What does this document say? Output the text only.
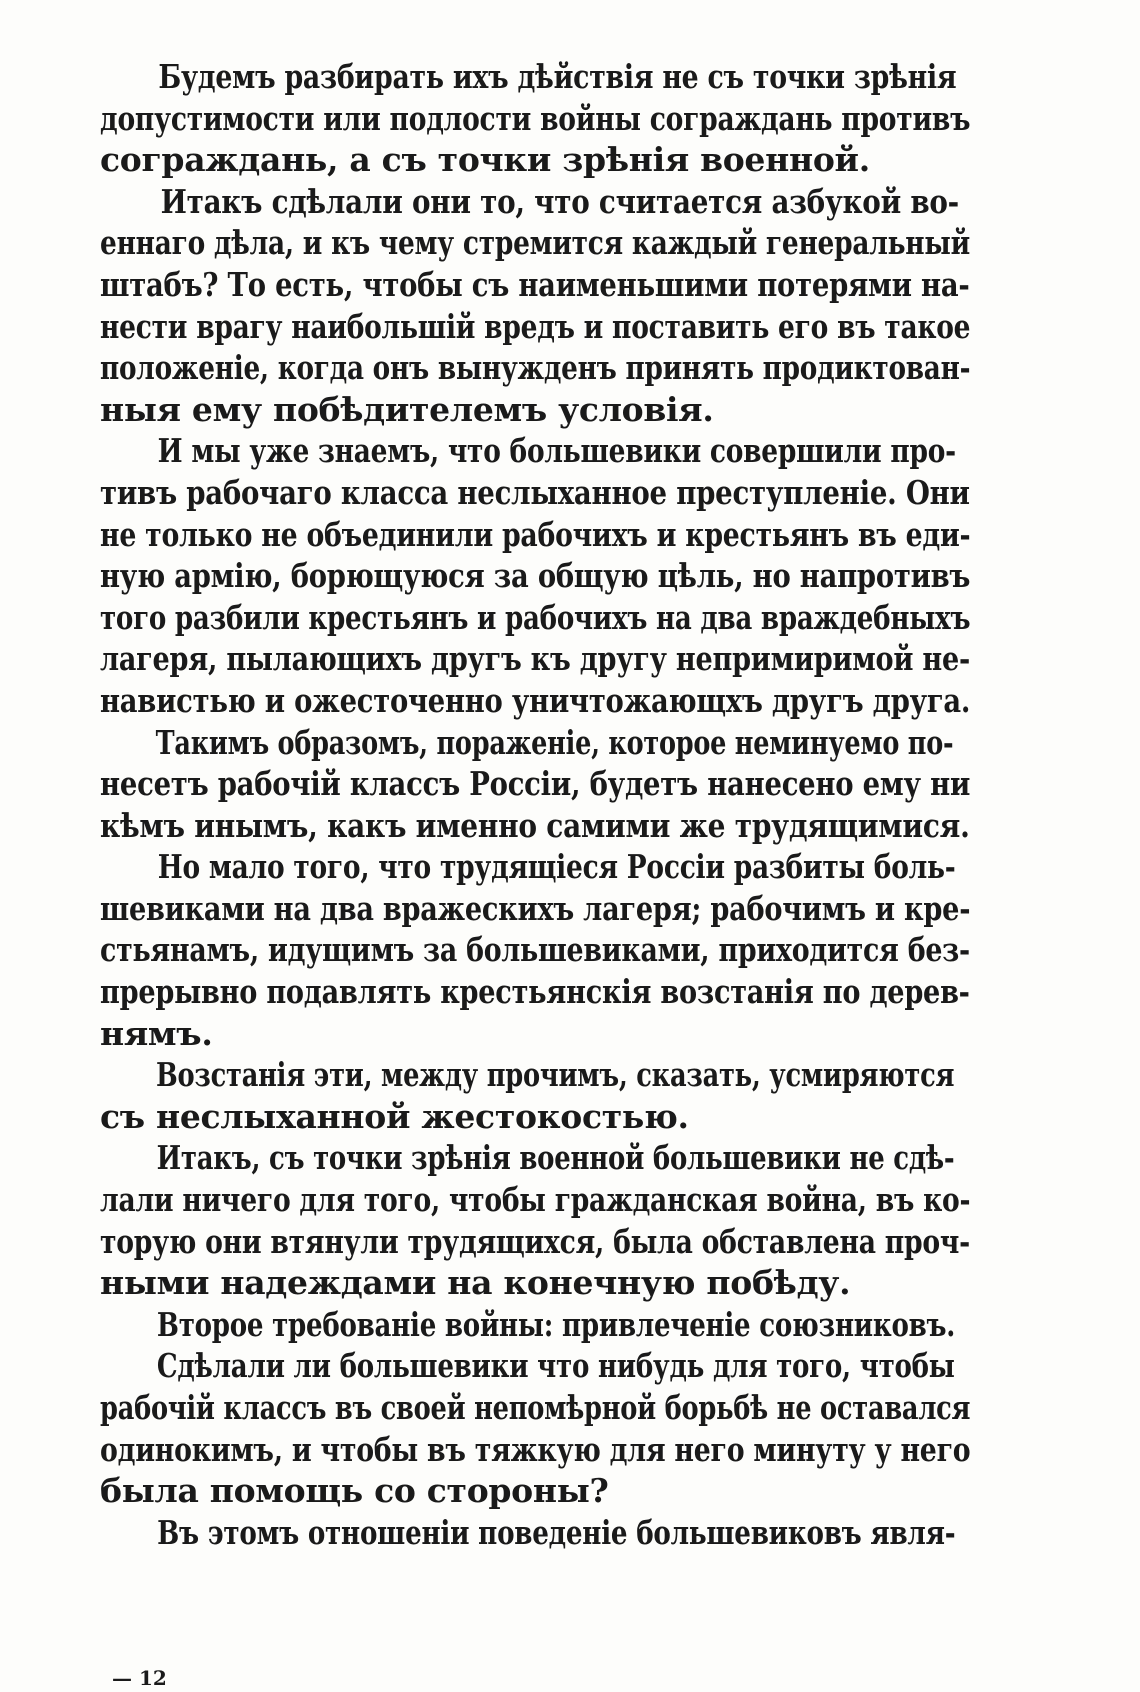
Будемъ разбирать ихъ дѣйствія не съ точки зрѣнія
допустимости или подлости войны сограждань противъ
сограждань, а съ точки зрѣнія военной.
Итакъ сдѣлали они то, что считается азбукой во-
еннаго дѣла, и къ чему стремится каждый генеральный
штабъ? То есть, чтобы съ наименьшими потерями на-
нести врагу наибольшій вредъ и поставить его въ такое
положеніе, когда онъ вынужденъ принять продиктован-
ныя ему побѣдителемъ условія.
И мы уже знаемъ, что большевики совершили про-
тивъ рабочаго класса неслыханное преступленіе. Они
не только не объединили рабочихъ и крестьянъ въ еди-
ную армію, борющуюся за общую цѣль, но напротивъ
того разбили крестьянъ и рабочихъ на два враждебныхъ
лагеря, пылающихъ другъ къ другу непримиримой не-
навистью и ожесточенно уничтожающхъ другъ друга.
Такимъ образомъ, пораженіе, которое неминуемо по-
несетъ рабочій классъ Россіи, будетъ нанесено ему ни
кѣмъ инымъ, какъ именно самими же трудящимися.
Но мало того, что трудящіеся Россіи разбиты боль-
шевиками на два вражескихъ лагеря; рабочимъ и кре-
стьянамъ, идущимъ за большевиками, приходится без-
прерывно подавлять крестьянскія возстанія по дерев-
нямъ.
Возстанія эти, между прочимъ, сказать, усмиряются
съ неслыханной жестокостью.
Итакъ, съ точки зрѣнія военной большевики не сдѣ-
лали ничего для того, чтобы гражданская война, въ ко-
торую они втянули трудящихся, была обставлена проч-
ными надеждами на конечную побѣду.
Второе требованіе войны: привлеченіе союзниковъ.
Сдѣлали ли большевики что нибудь для того, чтобы
рабочій классъ въ своей непомѣрной борьбѣ не оставался
одинокимъ, и чтобы въ тяжкую для него минуту у него
была помощь со стороны?
Въ этомъ отношеніи поведеніе большевиковъ явля-
— 12
